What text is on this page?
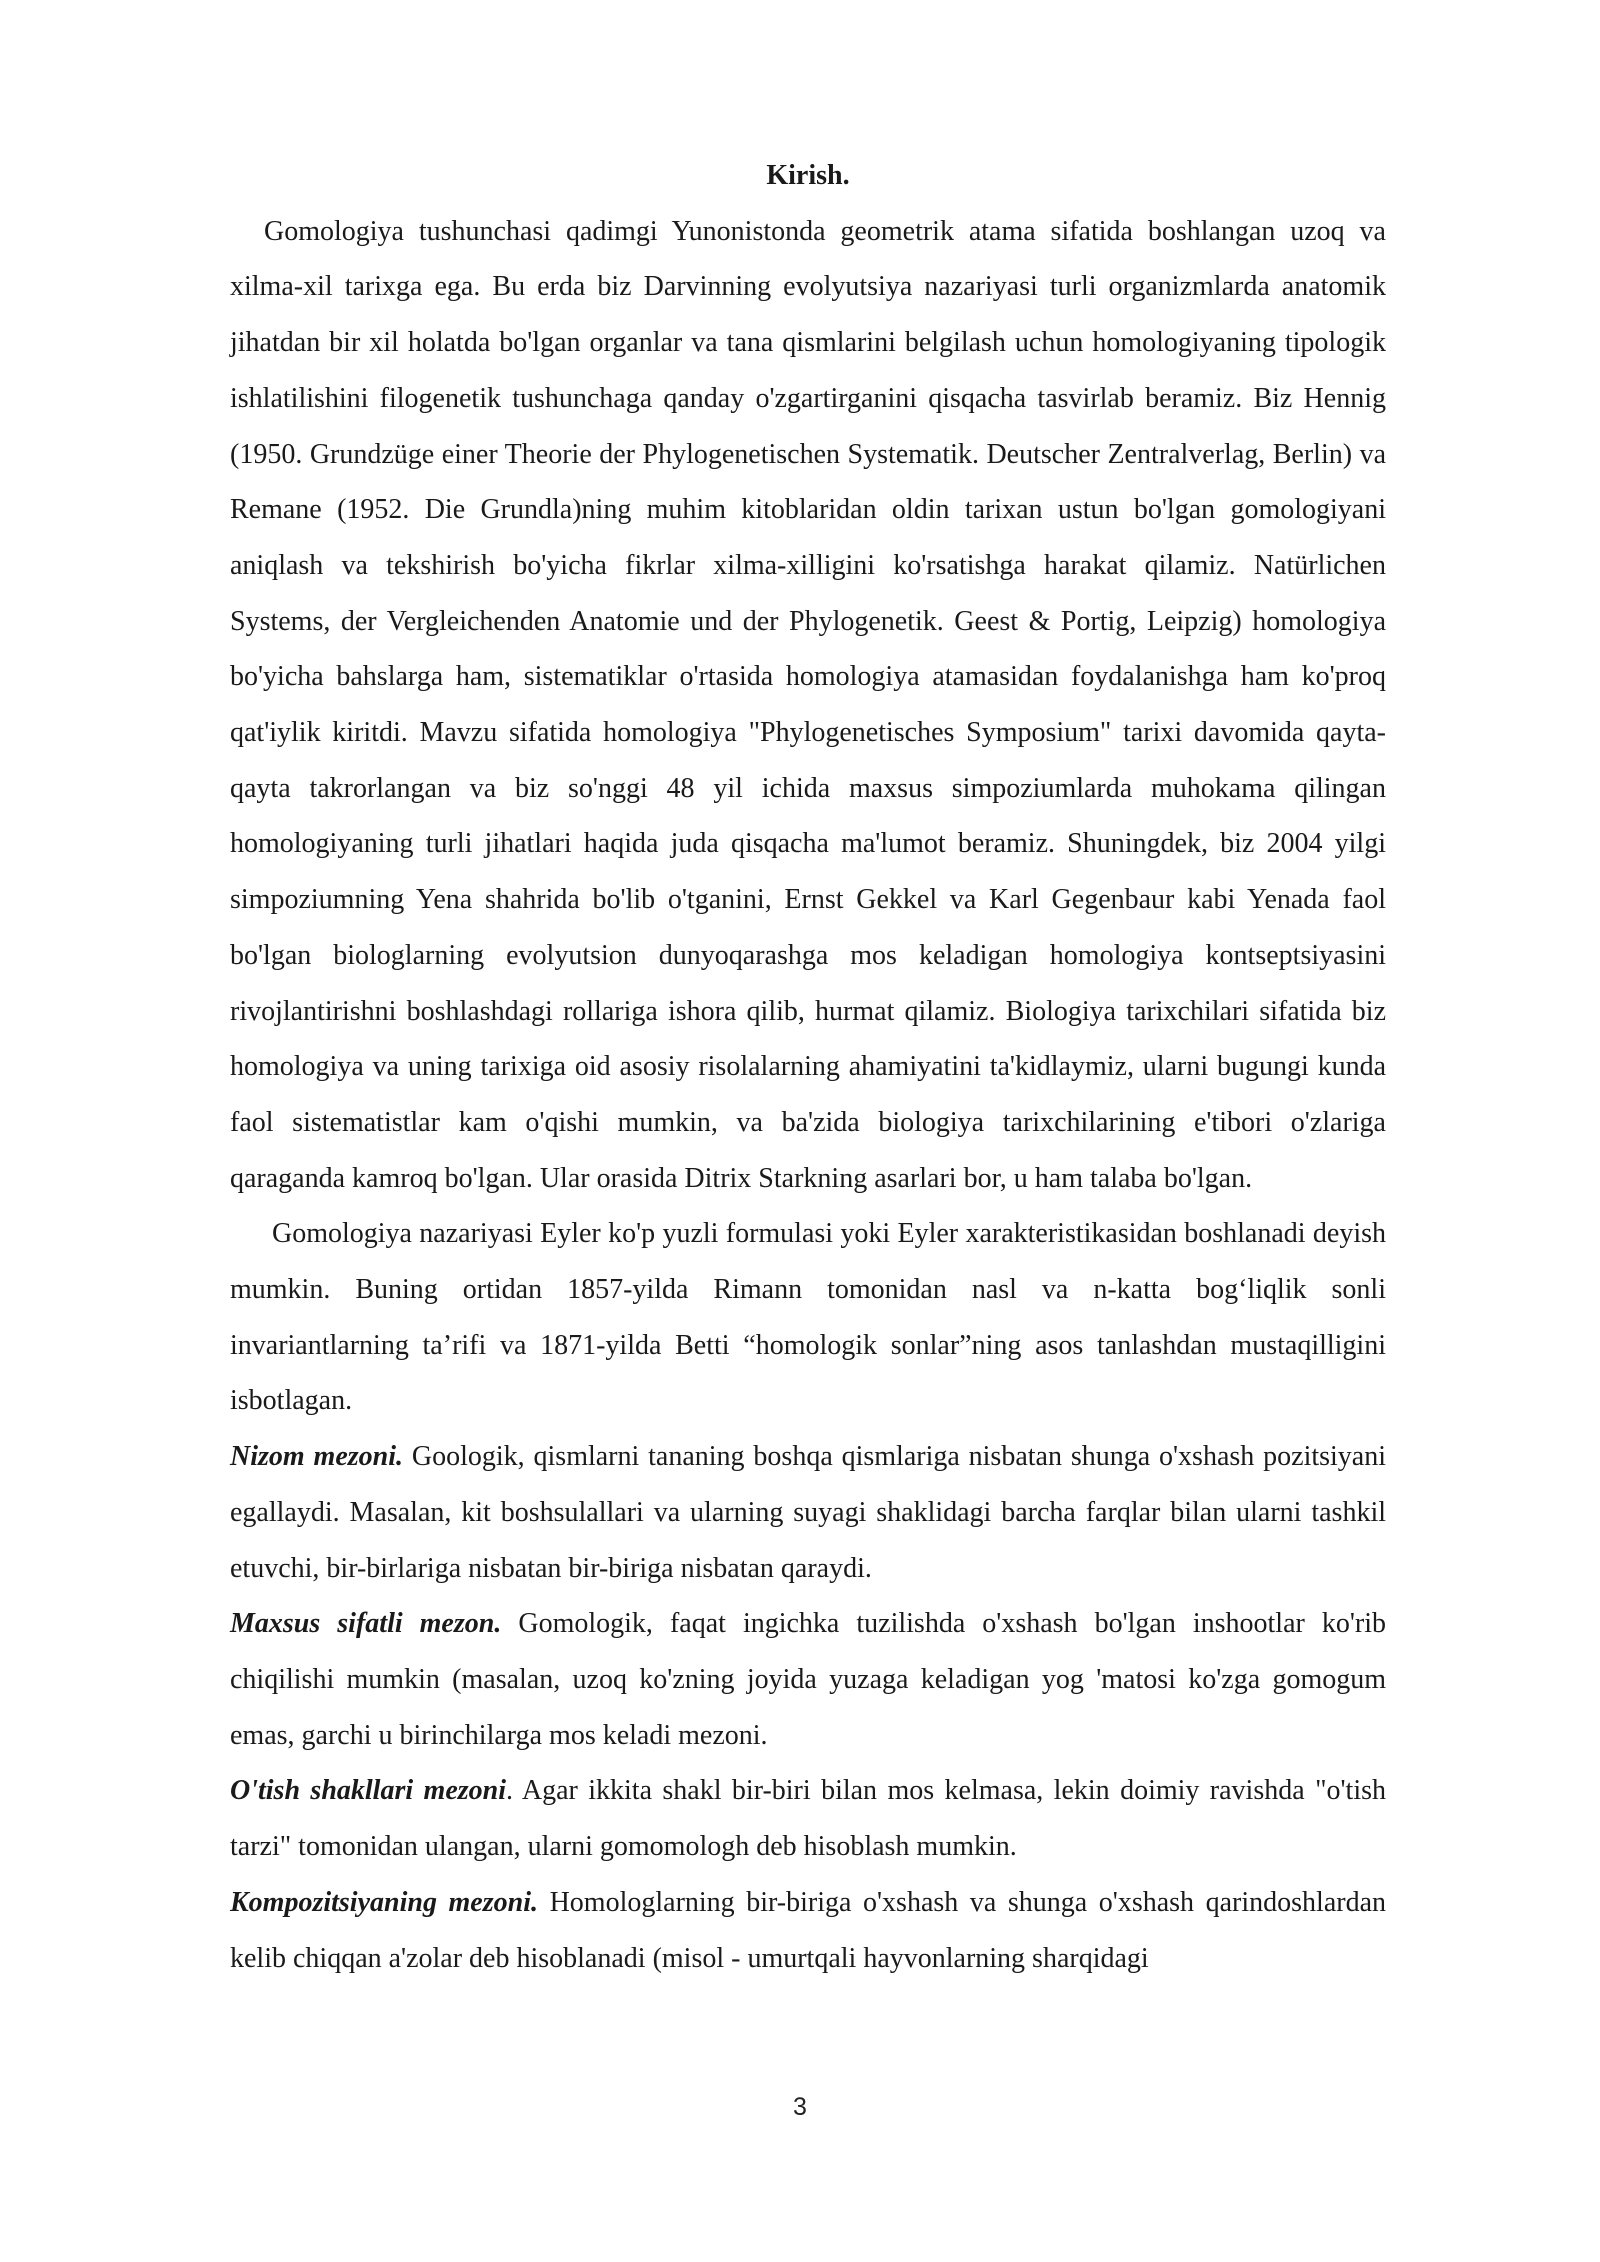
Kirish.

Gomologiya tushunchasi qadimgi Yunonistonda geometrik atama sifatida boshlangan uzoq va xilma-xil tarixga ega. Bu erda biz Darvinning evolyutsiya nazariyasi turli organizmlarda anatomik jihatdan bir xil holatda bo'lgan organlar va tana qismlarini belgilash uchun homologiyaning tipologik ishlatilishini filogenetik tushunchaga qanday o'zgartirganini qisqacha tasvirlab beramiz. Biz Hennig (1950. Grundzüge einer Theorie der Phylogenetischen Systematik. Deutscher Zentralverlag, Berlin) va Remane (1952. Die Grundla)ning muhim kitoblaridan oldin tarixan ustun bo'lgan gomologiyani aniqlash va tekshirish bo'yicha fikrlar xilma-xilligini ko'rsatishga harakat qilamiz. Natürlichen Systems, der Vergleichenden Anatomie und der Phylogenetik. Geest & Portig, Leipzig) homologiya bo'yicha bahslarga ham, sistematiklar o'rtasida homologiya atamasidan foydalanishga ham ko'proq qat'iylik kiritdi. Mavzu sifatida homologiya "Phylogenetisches Symposium" tarixi davomida qayta-qayta takrorlangan va biz so'nggi 48 yil ichida maxsus simpoziumlarda muhokama qilingan homologiyaning turli jihatlari haqida juda qisqacha ma'lumot beramiz. Shuningdek, biz 2004 yilgi simpoziumning Yena shahrida bo'lib o'tganini, Ernst Gekkel va Karl Gegenbaur kabi Yenada faol bo'lgan biologlarning evolyutsion dunyoqarashga mos keladigan homologiya kontseptsiyasini rivojlantirishni boshlashdagi rollariga ishora qilib, hurmat qilamiz. Biologiya tarixchilari sifatida biz homologiya va uning tarixiga oid asosiy risolalarning ahamiyatini ta'kidlaymiz, ularni bugungi kunda faol sistematistlar kam o'qishi mumkin, va ba'zida biologiya tarixchilarining e'tibori o'zlariga qaraganda kamroq bo'lgan. Ular orasida Ditrix Starkning asarlari bor, u ham talaba bo'lgan.

Gomologiya nazariyasi Eyler ko'p yuzli formulasi yoki Eyler xarakteristikasidan boshlanadi deyish mumkin. Buning ortidan 1857-yilda Rimann tomonidan nasl va n-katta bog‘liqlik sonli invariantlarning ta’rifi va 1871-yilda Betti “homologik sonlar”ning asos tanlashdan mustaqilligini isbotlagan.

Nizom mezoni. Goologik, qismlarni tananing boshqa qismlariga nisbatan shunga o'xshash pozitsiyani egallaydi. Masalan, kit boshsulallari va ularning suyagi shaklidagi barcha farqlar bilan ularni tashkil etuvchi, bir-birlariga nisbatan bir-biriga nisbatan qaraydi.

Maxsus sifatli mezon. Gomologik, faqat ingichka tuzilishda o'xshash bo'lgan inshootlar ko'rib chiqilishi mumkin (masalan, uzoq ko'zning joyida yuzaga keladigan yog 'matosi ko'zga gomogum emas, garchi u birinchilarga mos keladi mezoni.

O'tish shakllari mezoni. Agar ikkita shakl bir-biri bilan mos kelmasa, lekin doimiy ravishda "o'tish tarzi" tomonidan ulangan, ularni gomomologh deb hisoblash mumkin.

Kompozitsiyaning mezoni. Homologlarning bir-biriga o'xshash va shunga o'xshash qarindoshlardan kelib chiqqan a'zolar deb hisoblanadi (misol - umurtqali hayvonlarning sharqidagi

3
